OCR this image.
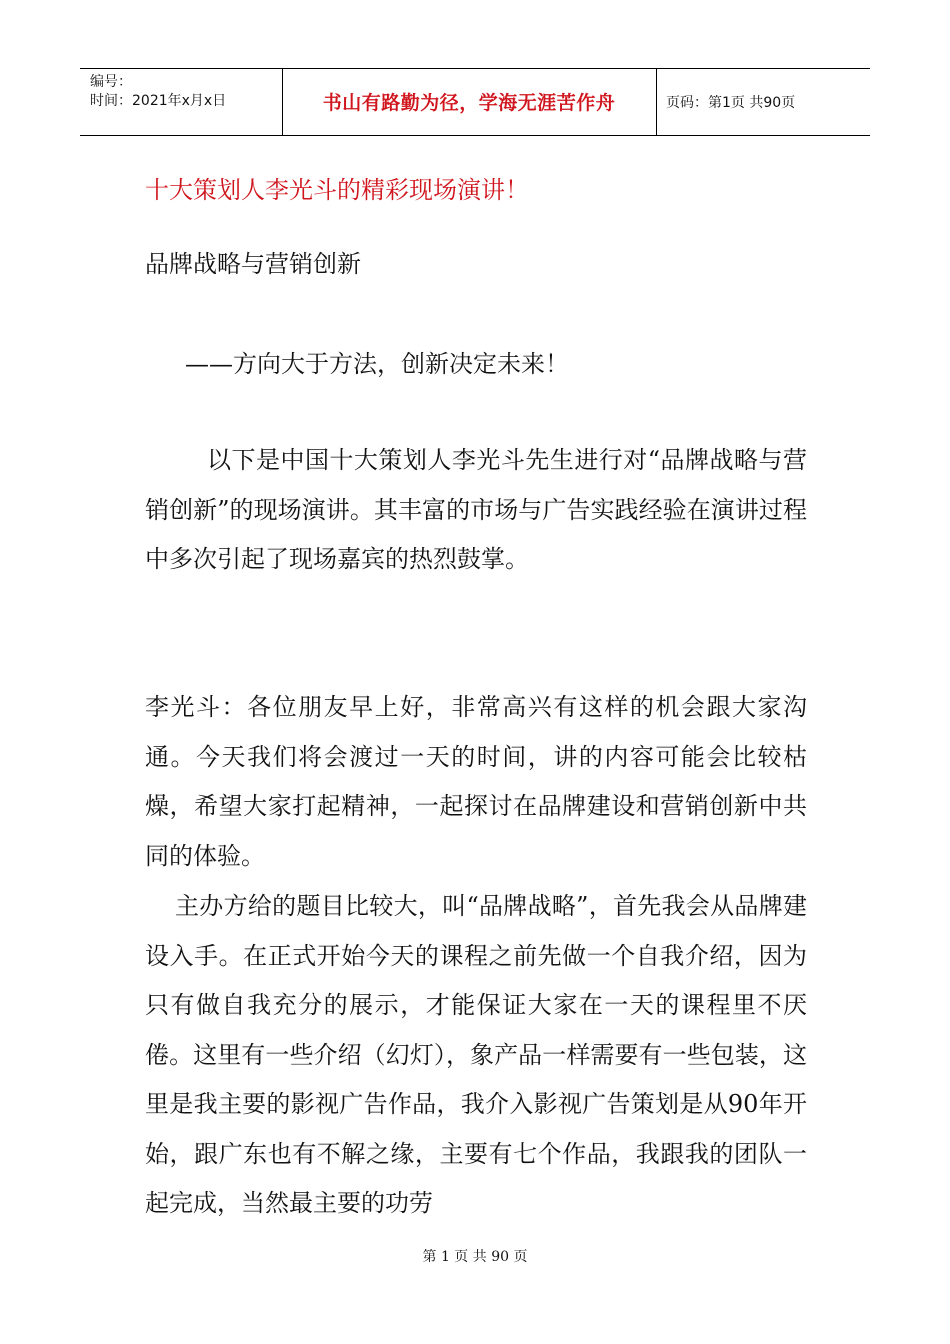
编号：
时间：2021年x月x日	书山有路勤为径，学海无涯苦作舟	页码：第1页 共90页
十大策划人李光斗的精彩现场演讲！
品牌战略与营销创新
——方向大于方法，创新决定未来！

以下是中国十大策划人李光斗先生进行对“品牌战略与营销创新”的现场演讲。其丰富的市场与广告实践经验在演讲过程中多次引起了现场嘉宾的热烈鼓掌。

李光斗：各位朋友早上好，非常高兴有这样的机会跟大家沟通。今天我们将会渡过一天的时间，讲的内容可能会比较枯燥，希望大家打起精神，一起探讨在品牌建设和营销创新中共同的体验。

主办方给的题目比较大，叫“品牌战略”，首先我会从品牌建设入手。在正式开始今天的课程之前先做一个自我介绍，因为只有做自我充分的展示，才能保证大家在一天的课程里不厌倦。这里有一些介绍（幻灯），象产品一样需要有一些包装，这里是我主要的影视广告作品，我介入影视广告策划是从90年开始，跟广东也有不解之缘，主要有七个作品，我跟我的团队一起完成，当然最主要的功劳

第 1 页 共 90 页
